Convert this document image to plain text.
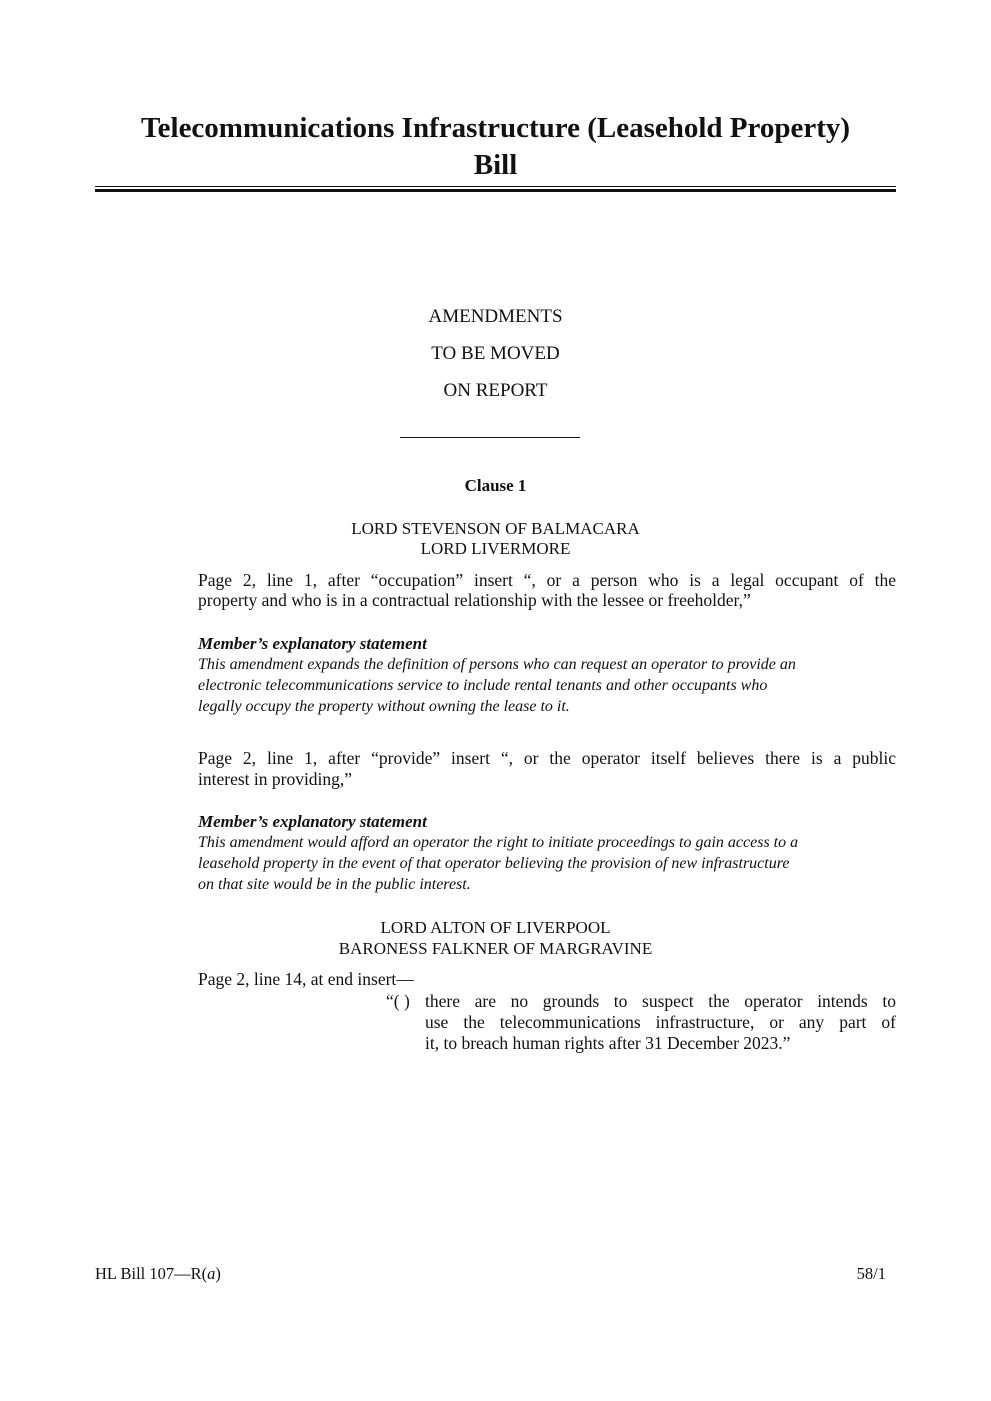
Telecommunications Infrastructure (Leasehold Property)
Bill
AMENDMENTS
TO BE MOVED
ON REPORT
Clause 1
LORD STEVENSON OF BALMACARA
LORD LIVERMORE
Page 2, line 1, after “occupation” insert “, or a person who is a legal occupant of the
property and who is in a contractual relationship with the lessee or freeholder,”
Member’s explanatory statement
This amendment expands the definition of persons who can request an operator to provide an
electronic telecommunications service to include rental tenants and other occupants who
legally occupy the property without owning the lease to it.
Page 2, line 1, after “provide” insert “, or the operator itself believes there is a public
interest in providing,”
Member’s explanatory statement
This amendment would afford an operator the right to initiate proceedings to gain access to a
leasehold property in the event of that operator believing the provision of new infrastructure
on that site would be in the public interest.
LORD ALTON OF LIVERPOOL
BARONESS FALKNER OF MARGRAVINE
Page 2, line 14, at end insert—
“( ) there are no grounds to suspect the operator intends to
use the telecommunications infrastructure, or any part of
it, to breach human rights after 31 December 2023.”
HL Bill 107—R(a)	58/1
